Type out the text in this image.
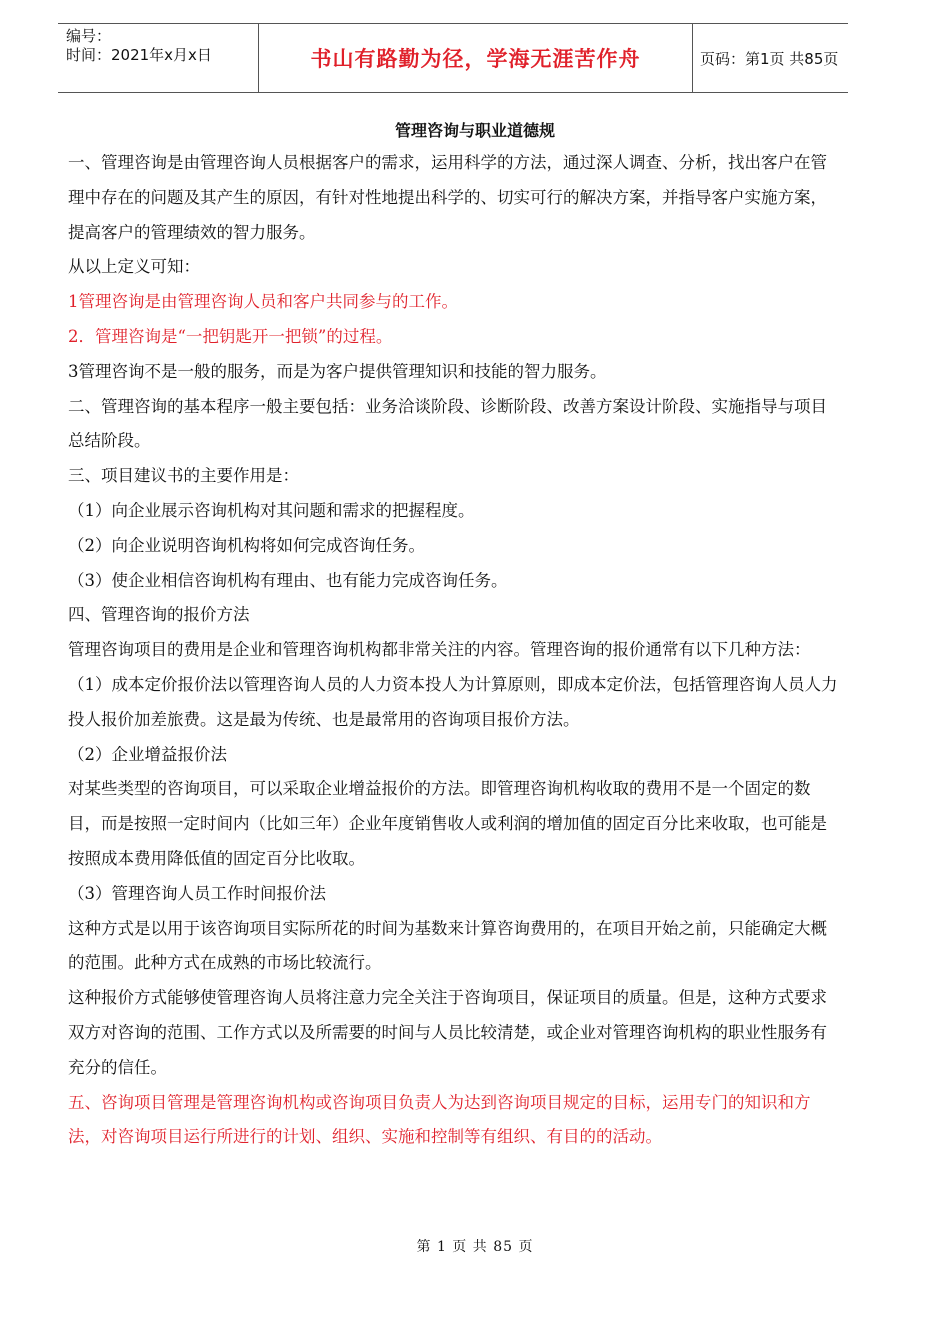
编号：
时间：2021年x月x日	书山有路勤为径，学海无涯苦作舟	页码：第1页 共85页
管理咨询与职业道德规

一、管理咨询是由管理咨询人员根据客户的需求，运用科学的方法，通过深人调查、分析，找出客户在管理中存在的问题及其产生的原因，有针对性地提出科学的、切实可行的解决方案，并指导客户实施方案，提高客户的管理绩效的智力服务。

从以上定义可知：

1管理咨询是由管理咨询人员和客户共同参与的工作。

2．管理咨询是“一把钥匙开一把锁”的过程。

3管理咨询不是一般的服务，而是为客户提供管理知识和技能的智力服务。

二、管理咨询的基本程序一般主要包括：业务洽谈阶段、诊断阶段、改善方案设计阶段、实施指导与项目总结阶段。

三、项目建议书的主要作用是：

（1）向企业展示咨询机构对其问题和需求的把握程度。

（2）向企业说明咨询机构将如何完成咨询任务。

（3）使企业相信咨询机构有理由、也有能力完成咨询任务。

四、管理咨询的报价方法

管理咨询项目的费用是企业和管理咨询机构都非常关注的内容。管理咨询的报价通常有以下几种方法：

（1）成本定价报价法以管理咨询人员的人力资本投人为计算原则，即成本定价法，包括管理咨询人员人力投人报价加差旅费。这是最为传统、也是最常用的咨询项目报价方法。

（2）企业增益报价法

对某些类型的咨询项目，可以采取企业增益报价的方法。即管理咨询机构收取的费用不是一个固定的数目，而是按照一定时间内（比如三年）企业年度销售收人或利润的增加值的固定百分比来收取，也可能是按照成本费用降低值的固定百分比收取。

（3）管理咨询人员工作时间报价法

这种方式是以用于该咨询项目实际所花的时间为基数来计算咨询费用的，在项目开始之前，只能确定大概的范围。此种方式在成熟的市场比较流行。

这种报价方式能够使管理咨询人员将注意力完全关注于咨询项目，保证项目的质量。但是，这种方式要求双方对咨询的范围、工作方式以及所需要的时间与人员比较清楚，或企业对管理咨询机构的职业性服务有充分的信任。

五、咨询项目管理是管理咨询机构或咨询项目负责人为达到咨询项目规定的目标，运用专门的知识和方法，对咨询项目运行所进行的计划、组织、实施和控制等有组织、有目的的活动。

第 1 页 共 85 页
